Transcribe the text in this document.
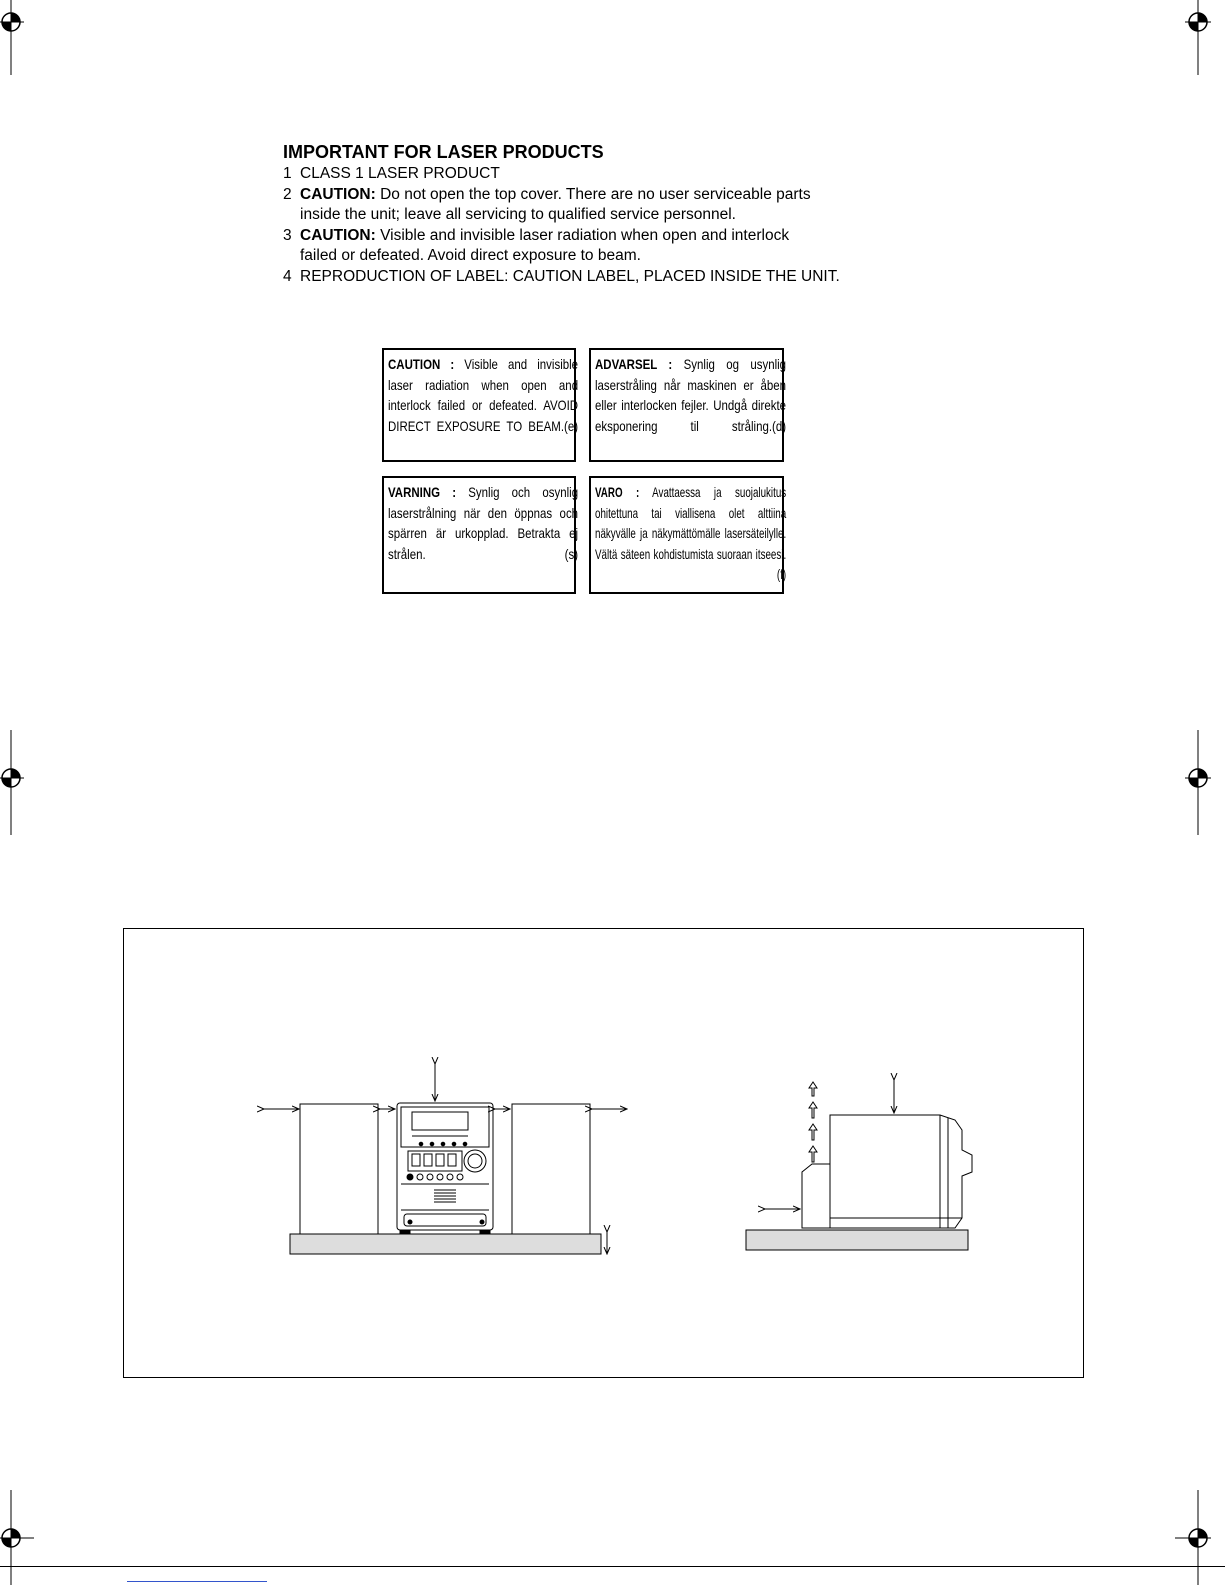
IMPORTANT FOR LASER PRODUCTS
1 CLASS 1 LASER PRODUCT
2 CAUTION: Do not open the top cover. There are no user serviceable parts
inside the unit; leave all servicing to qualified service personnel.
3 CAUTION: Visible and invisible laser radiation when open and interlock
failed or defeated. Avoid direct exposure to beam.
4 REPRODUCTION OF LABEL: CAUTION LABEL, PLACED INSIDE THE UNIT.
CAUTION : Visible and invisible laser radiation when open and interlock failed or defeated. AVOID DIRECT EXPOSURE TO BEAM. (e)
ADVARSEL : Synlig og usynlig laserstråling når maskinen er åben eller interlocken fejler. Undgå direkte eksponering til stråling. (d)
VARNING : Synlig och osynlig laserstrålning när den öppnas och spärren är urkopplad. Betrakta ej strålen.	(s)
VARO : Avattaessa ja suojalukitus ohitettuna tai viallisena olet alttiina näkyvälle ja näkymättömälle lasersäteilylle. Vältä säteen kohdistumista suoraan itseesi.
(f)
